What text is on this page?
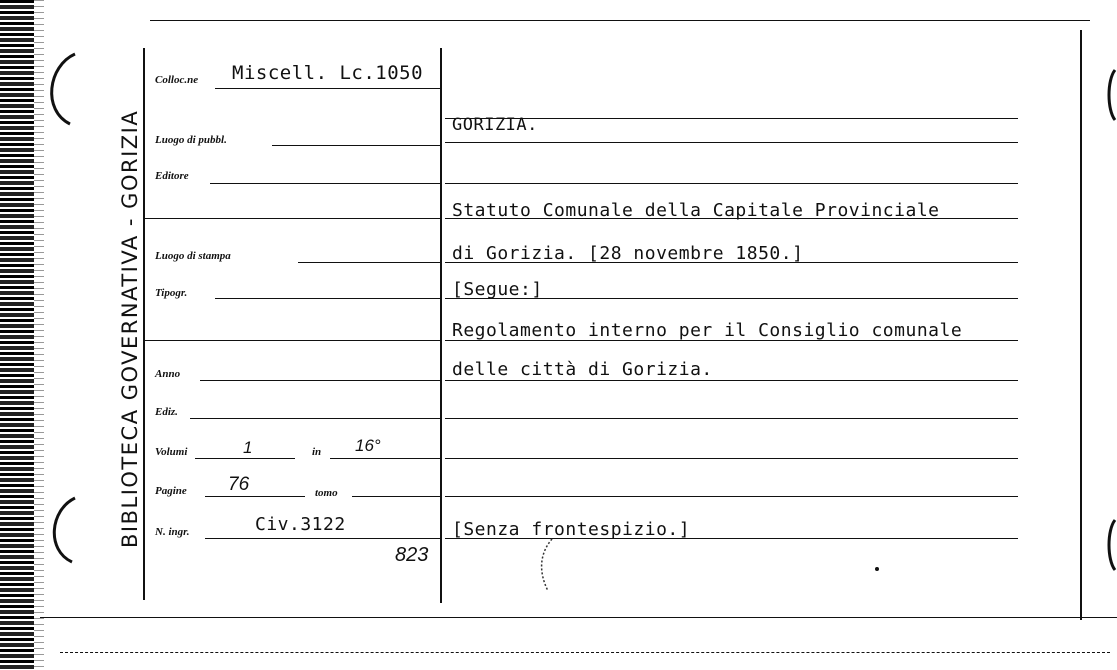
BIBLIOTECA GOVERNATIVA - GORIZIA
Colloc.ne Miscell. Lc.1050
Luogo di pubbl.
Editore
Luogo di stampa
Tipogr.
Anno
Ediz.
Volumi	1	in 16°
Pagine 76	tomo
N. ingr.	Civ.3122
823
GORIZIA.
Statuto Comunale della Capitale Provinciale
di Gorizia. [28 novembre 1850.]
[Segue:]
Regolamento interno per il Consiglio comunale
delle città di Gorizia.
[Senza frontespizio.]
